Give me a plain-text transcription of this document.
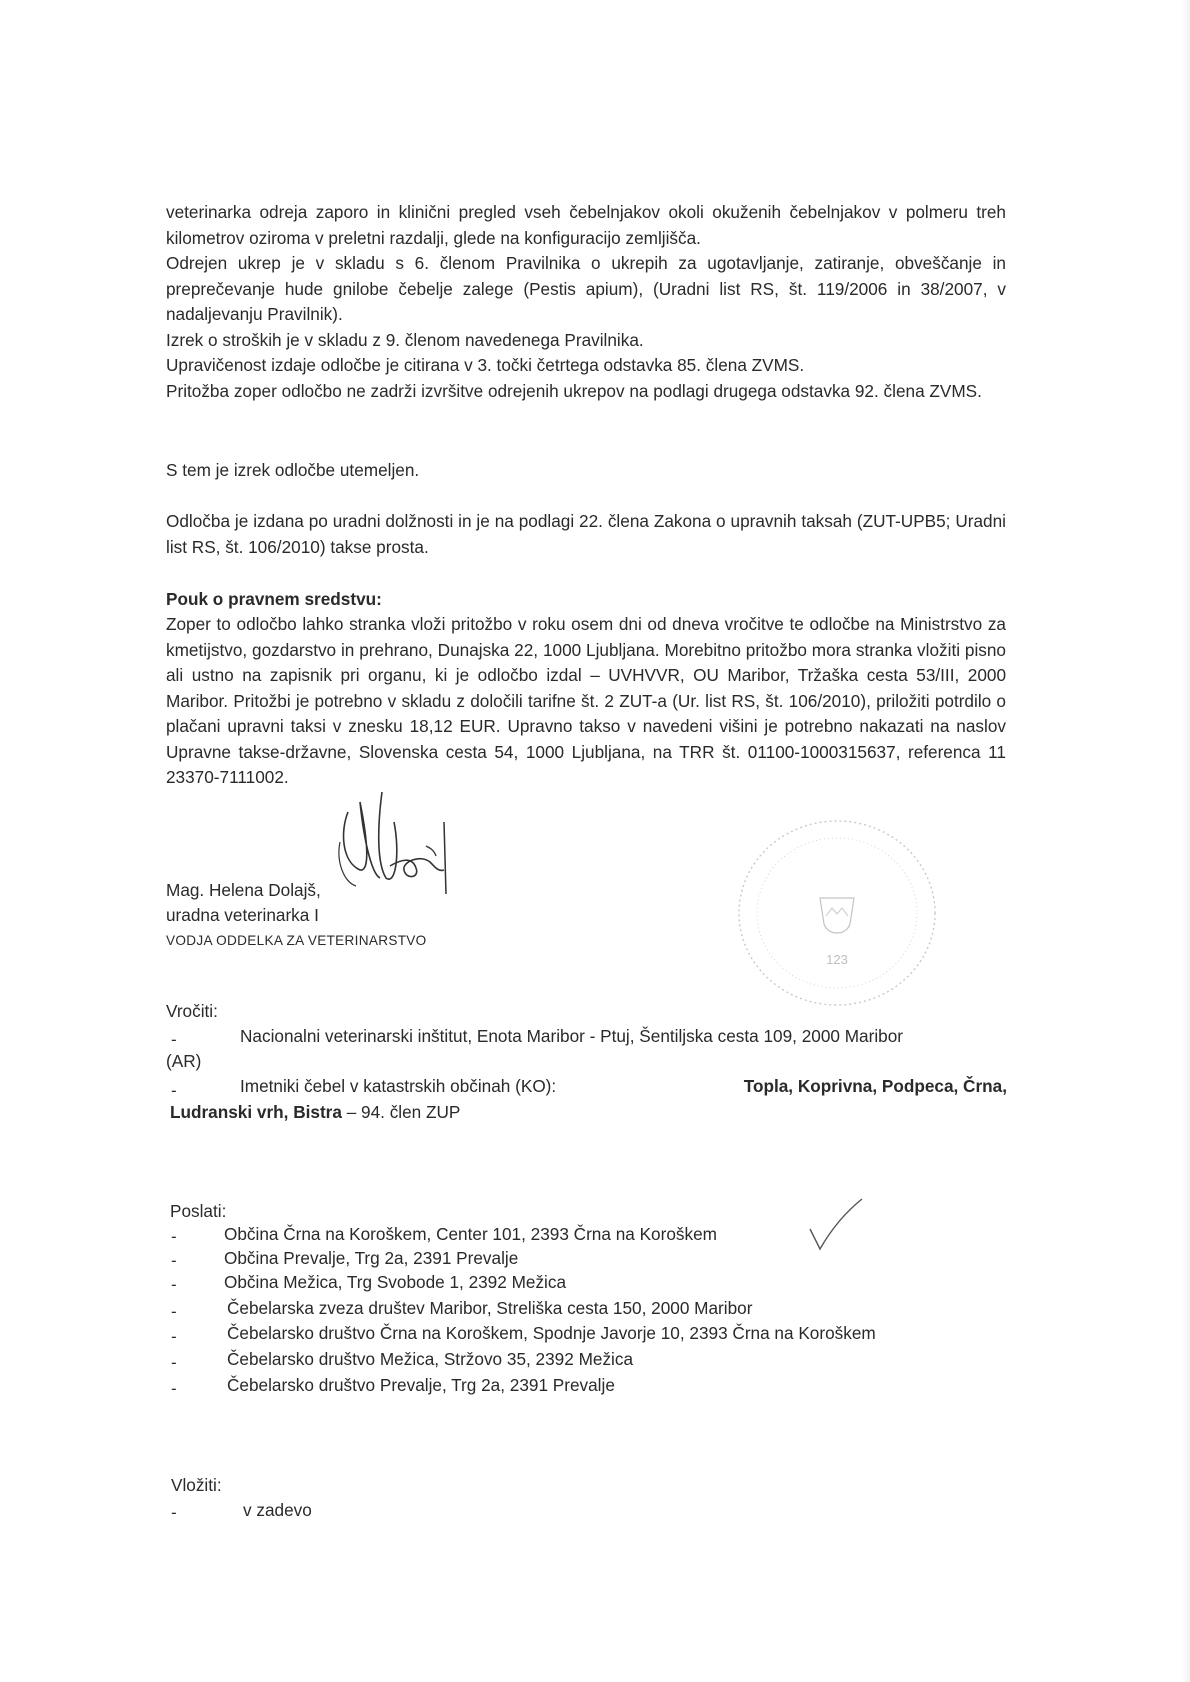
veterinarka odreja zaporo in klinični pregled vseh čebelnjakov okoli okuženih čebelnjakov v polmeru treh kilometrov oziroma v preletni razdalji, glede na konfiguracijo zemljišča.

Odrejen ukrep je v skladu s 6. členom Pravilnika o ukrepih za ugotavljanje, zatiranje, obveščanje in preprečevanje hude gnilobe čebelje zalege (Pestis apium), (Uradni list RS, št. 119/2006 in 38/2007, v nadaljevanju Pravilnik).

Izrek o stroških je v skladu z 9. členom navedenega Pravilnika.

Upravičenost izdaje odločbe je citirana v 3. točki četrtega odstavka 85. člena ZVMS.

Pritožba zoper odločbo ne zadrži izvršitve odrejenih ukrepov na podlagi drugega odstavka 92. člena ZVMS.

S tem je izrek odločbe utemeljen.

Odločba je izdana po uradni dolžnosti in je na podlagi 22. člena Zakona o upravnih taksah (ZUT-UPB5; Uradni list RS, št. 106/2010) takse prosta.

Pouk o pravnem sredstvu:

Zoper to odločbo lahko stranka vloži pritožbo v roku osem dni od dneva vročitve te odločbe na Ministrstvo za kmetijstvo, gozdarstvo in prehrano, Dunajska 22, 1000 Ljubljana. Morebitno pritožbo mora stranka vložiti pisno ali ustno na zapisnik pri organu, ki je odločbo izdal – UVHVVR, OU Maribor, Tržaška cesta 53/III, 2000 Maribor. Pritožbi je potrebno v skladu z določili tarifne št. 2 ZUT-a (Ur. list RS, št. 106/2010), priložiti potrdilo o plačani upravni taksi v znesku 18,12 EUR. Upravno takso v navedeni višini je potrebno nakazati na naslov Upravne takse-državne, Slovenska cesta 54, 1000 Ljubljana, na TRR št. 01100-1000315637, referenca 11 23370-7111002.

Mag. Helena Dolajš,
uradna veterinarka I
VODJA ODDELKA ZA VETERINARSTVO
123
Vročiti:
-	Nacionalni veterinarski inštitut, Enota Maribor - Ptuj, Šentiljska cesta 109, 2000 Maribor
(AR)
-	Imetniki čebel v katastrskih občinah (KO):	Topla, Koprivna, Podpeca, Črna,
Ludranski vrh, Bistra – 94. člen ZUP
Poslati:
-	Občina Črna na Koroškem, Center 101, 2393 Črna na Koroškem
-	Občina Prevalje, Trg 2a, 2391 Prevalje
-	Občina Mežica, Trg Svobode 1, 2392 Mežica
-	Čebelarska zveza društev Maribor, Streliška cesta 150, 2000 Maribor
-	Čebelarsko društvo Črna na Koroškem, Spodnje Javorje 10, 2393 Črna na Koroškem
-	Čebelarsko društvo Mežica, Stržovo 35, 2392 Mežica
-	Čebelarsko društvo Prevalje, Trg 2a, 2391 Prevalje
Vložiti:
-	v zadevo
